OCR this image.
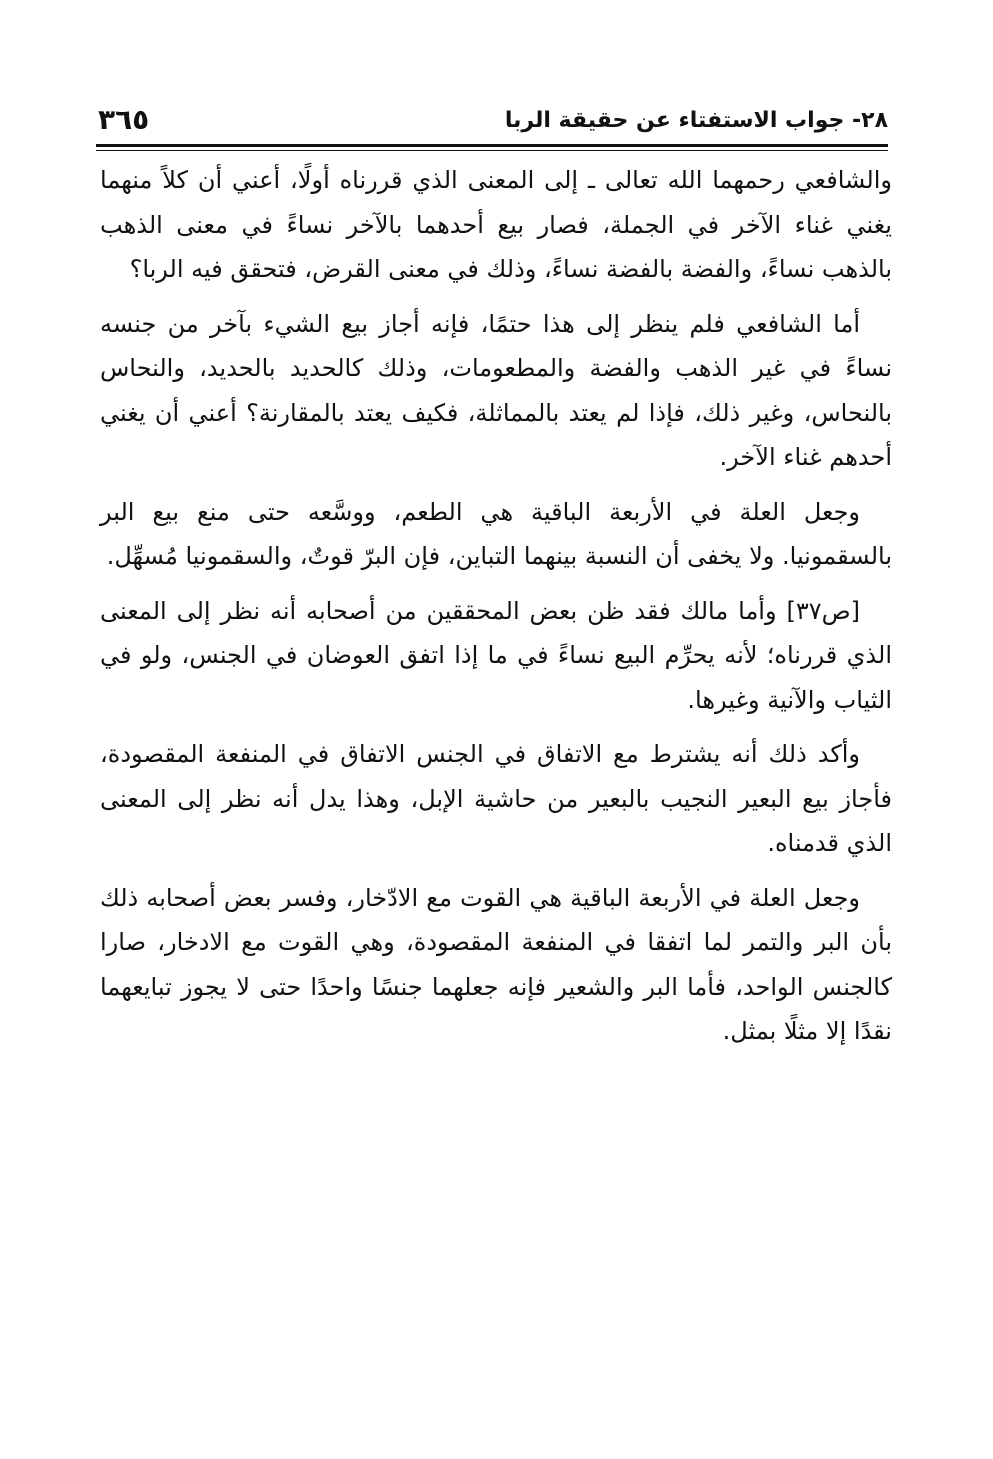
٢٨- جواب الاستفتاء عن حقيقة الربا
٣٦٥

والشافعي رحمهما الله تعالى ـ إلى المعنى الذي قررناه أولًا، أعني أن كلاً منهما يغني غناء الآخر في الجملة، فصار بيع أحدهما بالآخر نساءً في معنى الذهب بالذهب نساءً، والفضة بالفضة نساءً، وذلك في معنى القرض، فتحقق فيه الربا؟

أما الشافعي فلم ينظر إلى هذا حتمًا، فإنه أجاز بيع الشيء بآخر من جنسه نساءً في غير الذهب والفضة والمطعومات، وذلك كالحديد بالحديد، والنحاس بالنحاس، وغير ذلك، فإذا لم يعتد بالمماثلة، فكيف يعتد بالمقارنة؟ أعني أن يغني أحدهم غناء الآخر.

وجعل العلة في الأربعة الباقية هي الطعم، ووسَّعه حتى منع بيع البر بالسقمونيا. ولا يخفى أن النسبة بينهما التباين، فإن البرّ قوتٌ، والسقمونيا مُسهِّل.

[ص٣٧] وأما مالك فقد ظن بعض المحققين من أصحابه أنه نظر إلى المعنى الذي قررناه؛ لأنه يحرِّم البيع نساءً في ما إذا اتفق العوضان في الجنس، ولو في الثياب والآنية وغيرها.

وأكد ذلك أنه يشترط مع الاتفاق في الجنس الاتفاق في المنفعة المقصودة، فأجاز بيع البعير النجيب بالبعير من حاشية الإبل، وهذا يدل أنه نظر إلى المعنى الذي قدمناه.

وجعل العلة في الأربعة الباقية هي القوت مع الادّخار، وفسر بعض أصحابه ذلك بأن البر والتمر لما اتفقا في المنفعة المقصودة، وهي القوت مع الادخار، صارا كالجنس الواحد، فأما البر والشعير فإنه جعلهما جنسًا واحدًا حتى لا يجوز تبايعهما نقدًا إلا مثلًا بمثل.
